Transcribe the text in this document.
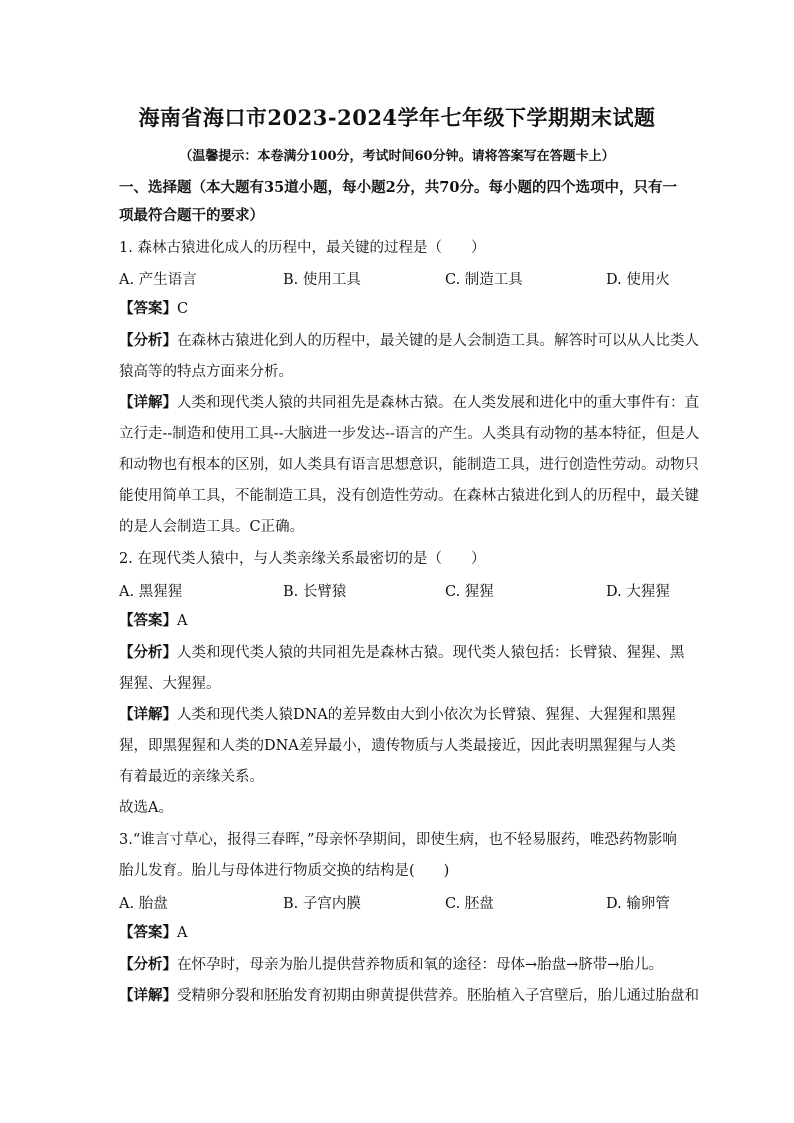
海南省海口市2023-2024学年七年级下学期期末试题
（温馨提示：本卷满分100分，考试时间60分钟。请将答案写在答题卡上）
一、选择题（本大题有35道小题，每小题2分，共70分。每小题的四个选项中，只有一
项最符合题干的要求）
1. 森林古猿进化成人的历程中，最关键的过程是（　　）
A. 产生语言	B. 使用工具	C. 制造工具	D. 使用火
【答案】C
【分析】在森林古猿进化到人的历程中，最关键的是人会制造工具。解答时可以从人比类人
猿高等的特点方面来分析。
【详解】人类和现代类人猿的共同祖先是森林古猿。在人类发展和进化中的重大事件有：直
立行走--制造和使用工具--大脑进一步发达--语言的产生。人类具有动物的基本特征，但是人
和动物也有根本的区别，如人类具有语言思想意识，能制造工具，进行创造性劳动。动物只
能使用简单工具，不能制造工具，没有创造性劳动。在森林古猿进化到人的历程中，最关键
的是人会制造工具。C正确。
2. 在现代类人猿中，与人类亲缘关系最密切的是（　　）
A. 黑猩猩	B. 长臂猿	C. 猩猩	D. 大猩猩
【答案】A
【分析】人类和现代类人猿的共同祖先是森林古猿。现代类人猿包括：长臂猿、猩猩、黑
猩猩、大猩猩。
【详解】人类和现代类人猿DNA的差异数由大到小依次为长臂猿、猩猩、大猩猩和黑猩
猩，即黑猩猩和人类的DNA差异最小，遗传物质与人类最接近，因此表明黑猩猩与人类
有着最近的亲缘关系。
故选A。
3.“谁言寸草心，报得三春晖，”母亲怀孕期间，即使生病，也不轻易服药，唯恐药物影响
胎儿发育。胎儿与母体进行物质交换的结构是(　　)
A. 胎盘	B. 子宫内膜	C. 胚盘	D. 输卵管
【答案】A
【分析】在怀孕时，母亲为胎儿提供营养物质和氧的途径：母体→胎盘→脐带→胎儿。
【详解】受精卵分裂和胚胎发育初期由卵黄提供营养。胚胎植入子宫壁后，胎儿通过胎盘和
